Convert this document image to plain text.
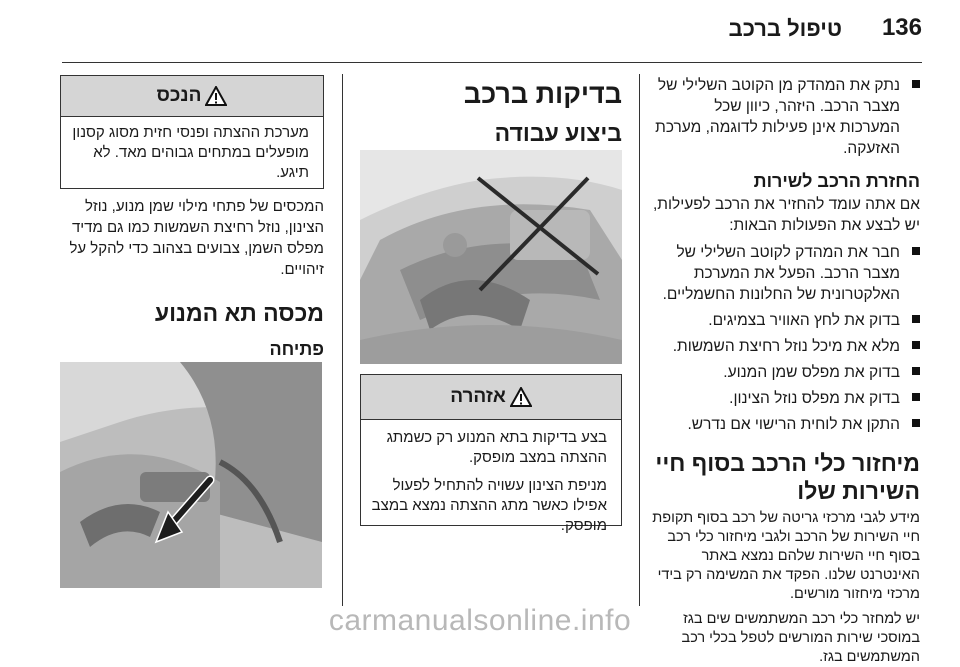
136
טיפול ברכב
נתק את המהדק מן הקוטב השלילי של מצבר הרכב. היזהר, כיוון שכל המערכות אינן פעילות לדוגמה, מערכת האזעקה.
החזרת הרכב לשירות
אם אתה עומד להחזיר את הרכב לפעילות, יש לבצע את הפעולות הבאות:
חבר את המהדק לקוטב השלילי של מצבר הרכב. הפעל את המערכת האלקטרונית של החלונות החשמליים.
בדוק את לחץ האוויר בצמיגים.
מלא את מיכל נוזל רחיצת השמשות.
בדוק את מפלס שמן המנוע.
בדוק את מפלס נוזל הצינון.
התקן את לוחית הרישוי אם נדרש.
מיחזור כלי הרכב בסוף חיי השירות שלו
מידע לגבי מרכזי גריטה של רכב בסוף תקופת חיי השירות של הרכב ולגבי מיחזור כלי רכב בסוף חיי השירות שלהם נמצא באתר האינטרנט שלנו. הפקד את המשימה רק בידי מרכזי מיחזור מורשים.
יש למחזר כלי רכב המשתמשים שים בגז במוסכי שירות המורשים לטפל בכלי רכב המשתמשים בגז.
בדיקות ברכב
ביצוע עבודה
אזהרה

בצע בדיקות בתא המנוע רק כשמתג ההצתה במצב מופסק.

מניפת הצינון עשויה להתחיל לפעול אפילו כאשר מתג ההצתה נמצא במצב מופסק.

הנכס

מערכת ההצתה ופנסי חזית מסוג קסנון מופעלים במתחים גבוהים מאד. לא תיגע.

המכסים של פתחי מילוי שמן מנוע, נוזל הצינון, נוזל רחיצת השמשות כמו גם מדיד מפלס השמן, צבועים בצהוב כדי להקל על זיהויים.
מכסה תא המנוע
פתיחה
carmanualsonline.info
